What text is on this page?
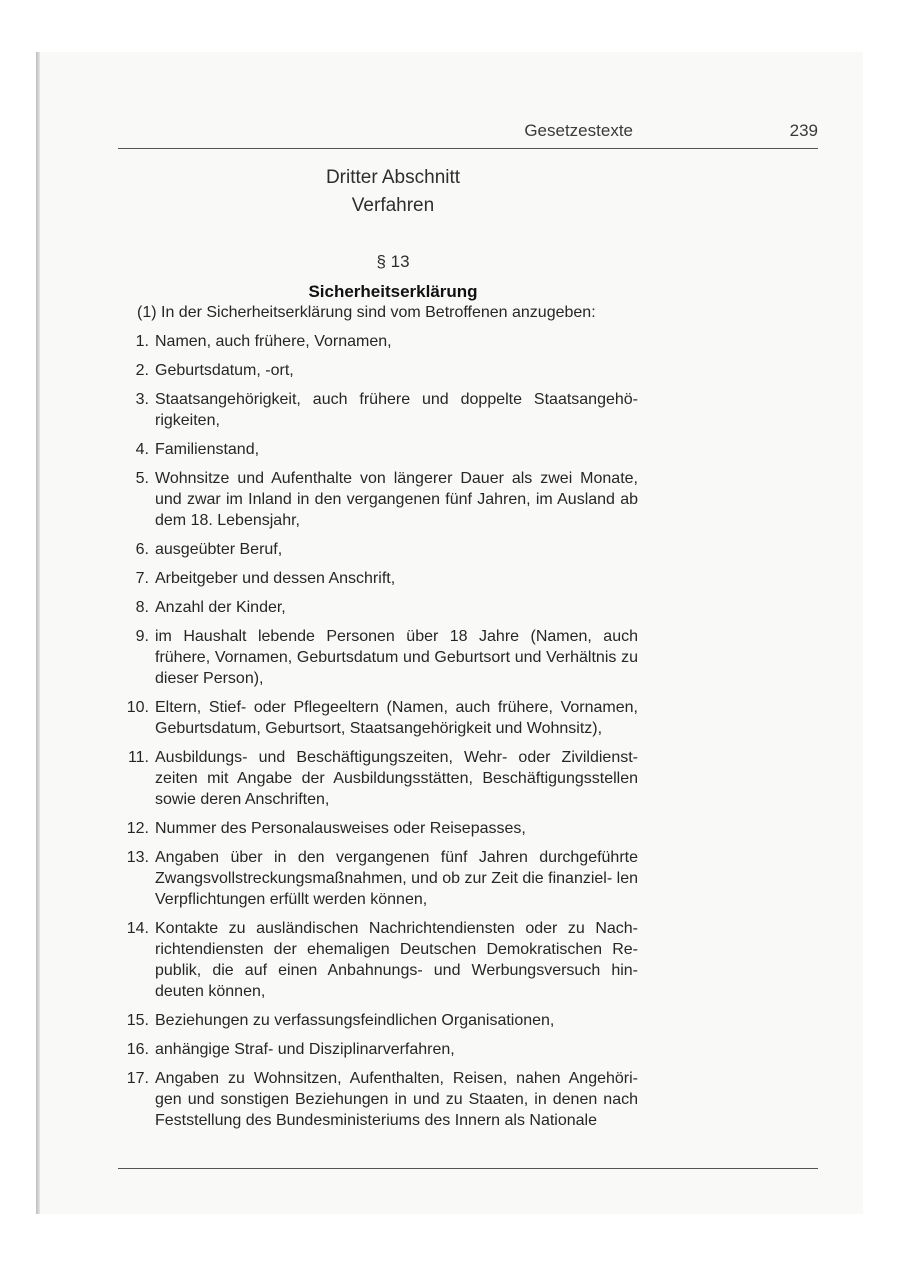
Gesetzestexte	239
Dritter Abschnitt
Verfahren
§ 13
Sicherheitserklärung
(1) In der Sicherheitserklärung sind vom Betroffenen anzugeben:
1. Namen, auch frühere, Vornamen,
2. Geburtsdatum, -ort,
3. Staatsangehörigkeit, auch frühere und doppelte Staatsangehö- rigkeiten,
4. Familienstand,
5. Wohnsitze und Aufenthalte von längerer Dauer als zwei Monate, und zwar im Inland in den vergangenen fünf Jahren, im Ausland ab dem 18. Lebensjahr,
6. ausgeübter Beruf,
7. Arbeitgeber und dessen Anschrift,
8. Anzahl der Kinder,
9. im Haushalt lebende Personen über 18 Jahre (Namen, auch frühere, Vornamen, Geburtsdatum und Geburtsort und Verhältnis zu dieser Person),
10. Eltern, Stief- oder Pflegeeltern (Namen, auch frühere, Vornamen, Geburtsdatum, Geburtsort, Staatsangehörigkeit und Wohnsitz),
11. Ausbildungs- und Beschäftigungszeiten, Wehr- oder Zivildienst- zeiten mit Angabe der Ausbildungsstätten, Beschäftigungsstellen sowie deren Anschriften,
12. Nummer des Personalausweises oder Reisepasses,
13. Angaben über in den vergangenen fünf Jahren durchgeführte Zwangsvollstreckungsmaßnahmen, und ob zur Zeit die finanziel- len Verpflichtungen erfüllt werden können,
14. Kontakte zu ausländischen Nachrichtendiensten oder zu Nach- richtendiensten der ehemaligen Deutschen Demokratischen Re- publik, die auf einen Anbahnungs- und Werbungsversuch hin- deuten können,
15. Beziehungen zu verfassungsfeindlichen Organisationen,
16. anhängige Straf- und Disziplinarverfahren,
17. Angaben zu Wohnsitzen, Aufenthalten, Reisen, nahen Angehöri- gen und sonstigen Beziehungen in und zu Staaten, in denen nach Feststellung des Bundesministeriums des Innern als Nationale
